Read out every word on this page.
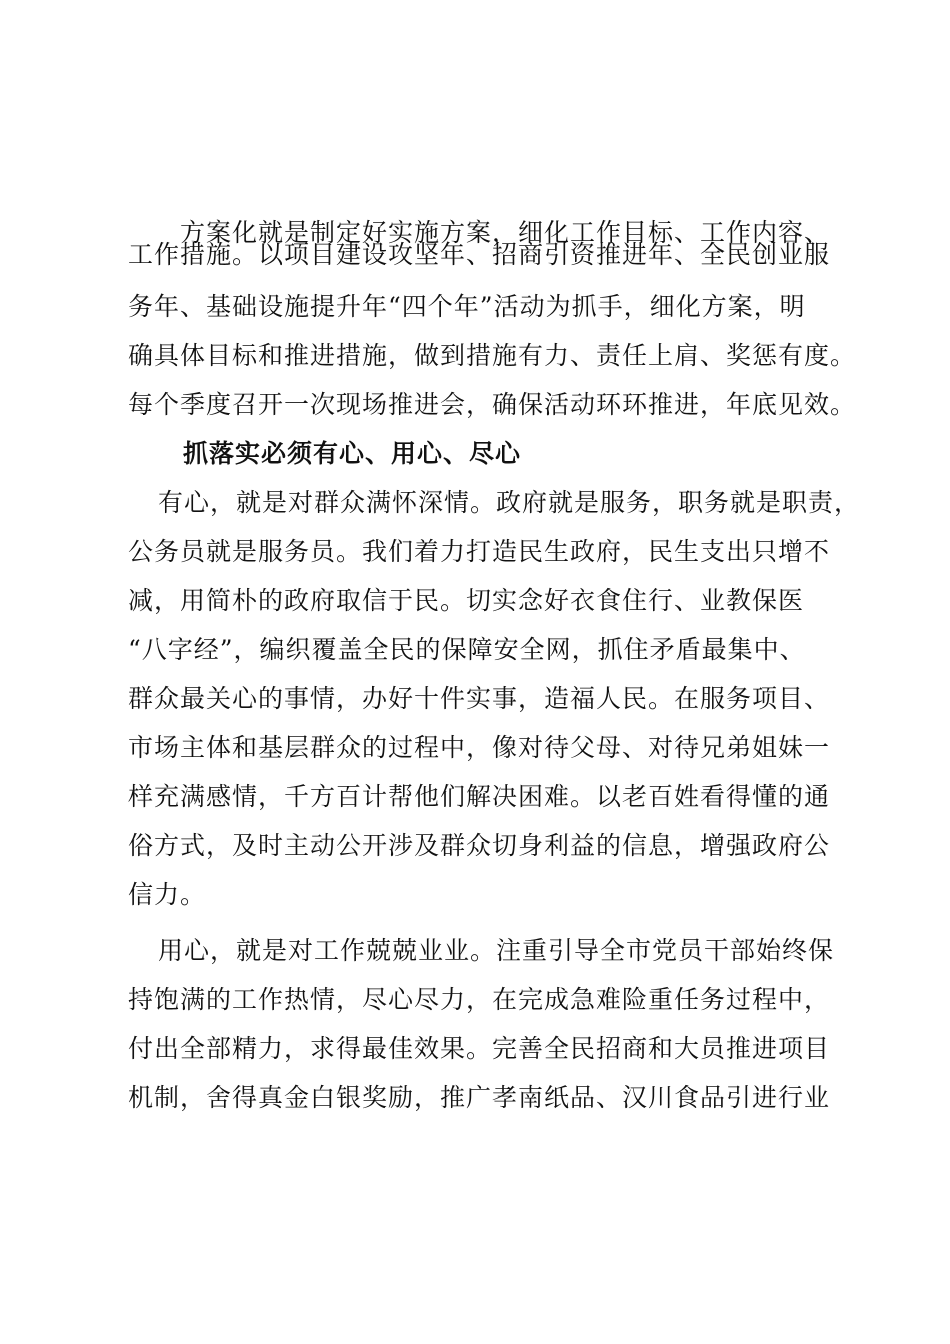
方案化就是制定好实施方案，细化工作目标、工作内容、
工作措施。以项目建设攻坚年、招商引资推进年、全民创业服
务年、基础设施提升年“四个年”活动为抓手，细化方案，明
确具体目标和推进措施，做到措施有力、责任上肩、奖惩有度。
每个季度召开一次现场推进会，确保活动环环推进，年底见效。
抓落实必须有心、用心、尽心
有心，就是对群众满怀深情。政府就是服务，职务就是职责，
公务员就是服务员。我们着力打造民生政府，民生支出只增不
减，用简朴的政府取信于民。切实念好衣食住行、业教保医
“八字经”，编织覆盖全民的保障安全网，抓住矛盾最集中、
群众最关心的事情，办好十件实事，造福人民。在服务项目、
市场主体和基层群众的过程中，像对待父母、对待兄弟姐妹一
样充满感情，千方百计帮他们解决困难。以老百姓看得懂的通
俗方式，及时主动公开涉及群众切身利益的信息，增强政府公
信力。
用心，就是对工作兢兢业业。注重引导全市党员干部始终保
持饱满的工作热情，尽心尽力，在完成急难险重任务过程中，
付出全部精力，求得最佳效果。完善全民招商和大员推进项目
机制，舍得真金白银奖励，推广孝南纸品、汉川食品引进行业
